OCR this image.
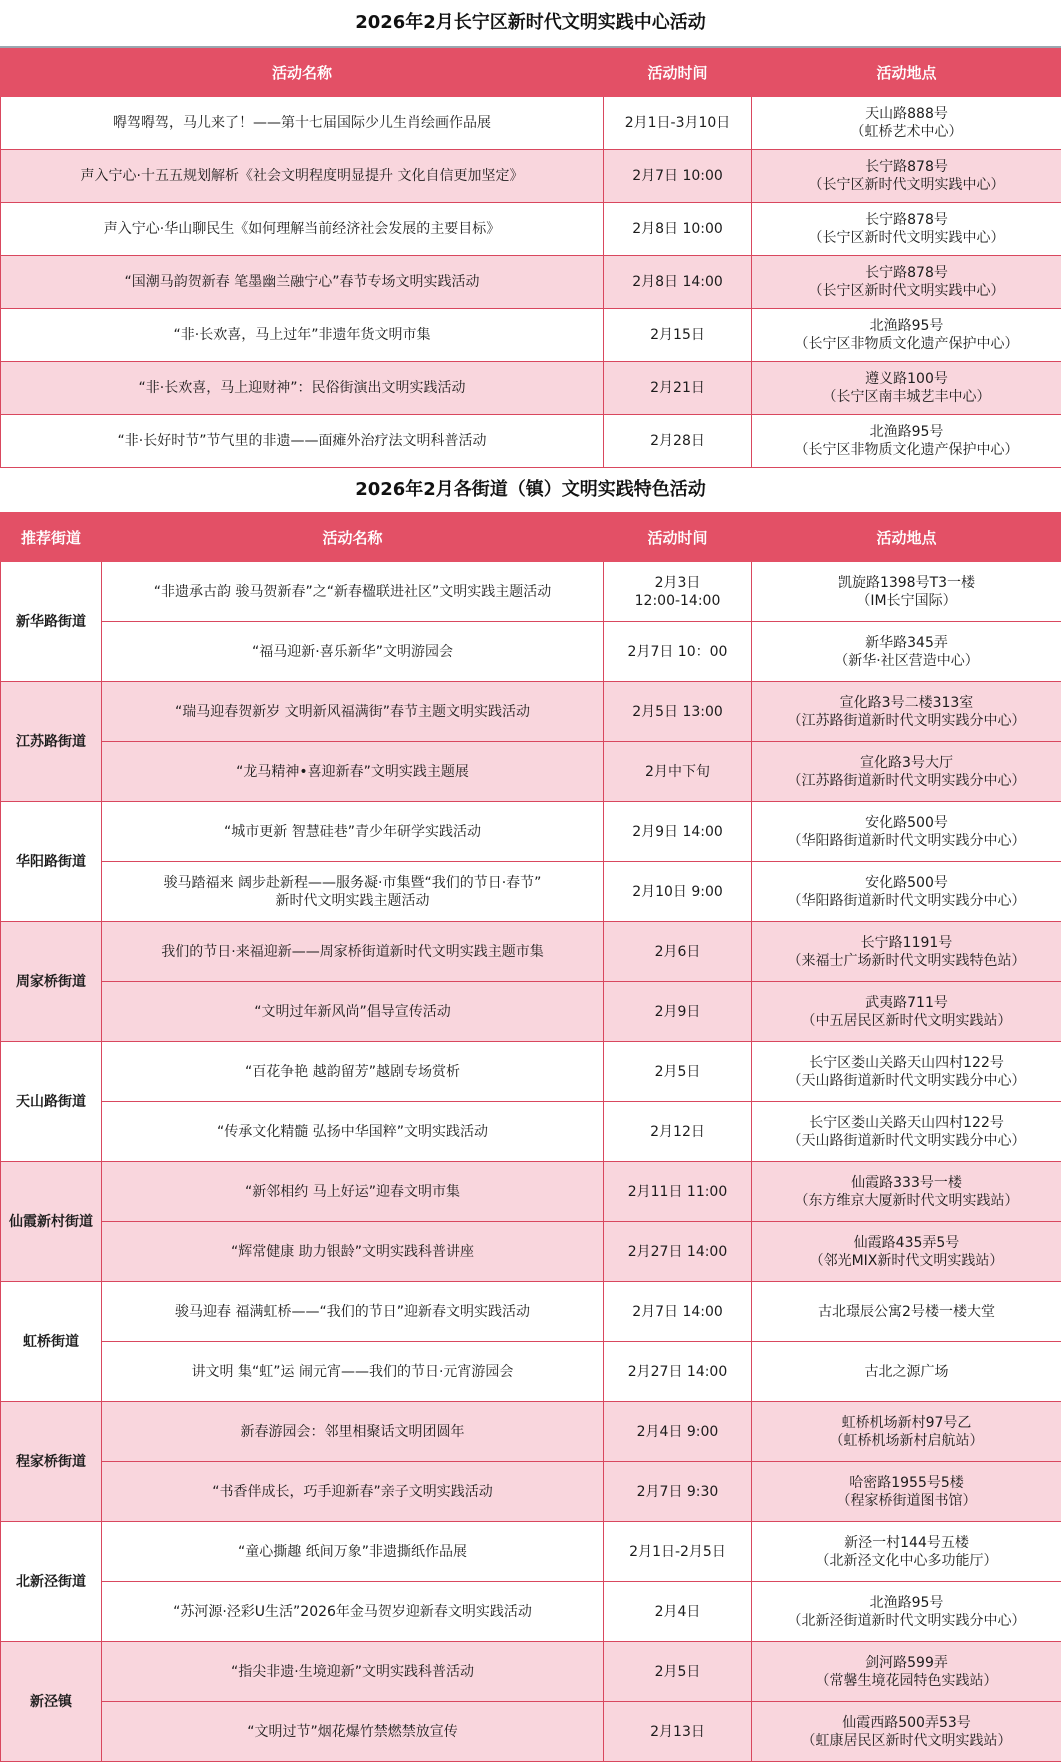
2026年2月长宁区新时代文明实践中心活动
活动名称	活动时间	活动地点
嘚驾嘚驾，马儿来了！——第十七届国际少儿生肖绘画作品展	2月1日-3月10日	天山路888号
（虹桥艺术中心）

声入宁心·十五五规划解析《社会文明程度明显提升 文化自信更加坚定》	2月7日 10:00	长宁路878号
（长宁区新时代文明实践中心）

声入宁心·华山聊民生《如何理解当前经济社会发展的主要目标》	2月8日 10:00	长宁路878号
（长宁区新时代文明实践中心）

“国潮马韵贺新春 笔墨幽兰融宁心”春节专场文明实践活动	2月8日 14:00	长宁路878号
（长宁区新时代文明实践中心）

“非·长欢喜，马上过年”非遗年货文明市集	2月15日	北渔路95号
（长宁区非物质文化遗产保护中心）

“非·长欢喜，马上迎财神”：民俗街演出文明实践活动	2月21日	遵义路100号
（长宁区南丰城艺丰中心）

“非·长好时节”节气里的非遗——面瘫外治疗法文明科普活动	2月28日	北渔路95号
（长宁区非物质文化遗产保护中心）
2026年2月各街道（镇）文明实践特色活动
推荐街道	活动名称	活动时间	活动地点
新华路街道	“非遗承古韵 骏马贺新春”之“新春楹联进社区”文明实践主题活动	2月3日
12:00-14:00	凯旋路1398号T3一楼
（IM长宁国际）

	“福马迎新·喜乐新华”文明游园会	2月7日 10：00	新华路345弄
（新华·社区营造中心）

江苏路街道	“瑞马迎春贺新岁 文明新风福满街”春节主题文明实践活动	2月5日 13:00	宣化路3号二楼313室
（江苏路街道新时代文明实践分中心）

	“龙马精神•喜迎新春”文明实践主题展	2月中下旬	宣化路3号大厅
（江苏路街道新时代文明实践分中心）

华阳路街道	“城市更新 智慧硅巷”青少年研学实践活动	2月9日 14:00	安化路500号
（华阳路街道新时代文明实践分中心）

	骏马踏福来 阔步赴新程——服务凝·市集暨“我们的节日·春节”
新时代文明实践主题活动	2月10日 9:00	安化路500号
（华阳路街道新时代文明实践分中心）

周家桥街道	我们的节日·来福迎新——周家桥街道新时代文明实践主题市集	2月6日	长宁路1191号
（来福士广场新时代文明实践特色站）

	“文明过年新风尚”倡导宣传活动	2月9日	武夷路711号
（中五居民区新时代文明实践站）

天山路街道	“百花争艳 越韵留芳”越剧专场赏析	2月5日	长宁区娄山关路天山四村122号
（天山路街道新时代文明实践分中心）

	“传承文化精髓 弘扬中华国粹”文明实践活动	2月12日	长宁区娄山关路天山四村122号
（天山路街道新时代文明实践分中心）

仙霞新村街道	“新邻相约 马上好运”迎春文明市集	2月11日 11:00	仙霞路333号一楼
（东方维京大厦新时代文明实践站）

	“辉常健康 助力银龄”文明实践科普讲座	2月27日 14:00	仙霞路435弄5号
（邻光MIX新时代文明实践站）

虹桥街道	骏马迎春 福满虹桥——“我们的节日”迎新春文明实践活动	2月7日 14:00	古北璟辰公寓2号楼一楼大堂

	讲文明 集“虹”运 闹元宵——我们的节日·元宵游园会	2月27日 14:00	古北之源广场

程家桥街道	新春游园会：邻里相聚话文明团圆年	2月4日 9:00	虹桥机场新村97号乙
（虹桥机场新村启航站）

	“书香伴成长，巧手迎新春”亲子文明实践活动	2月7日 9:30	哈密路1955号5楼
（程家桥街道图书馆）

北新泾街道	“童心撕趣 纸间万象”非遗撕纸作品展	2月1日-2月5日	新泾一村144号五楼
（北新泾文化中心多功能厅）

	“苏河源·泾彩U生活”2026年金马贺岁迎新春文明实践活动	2月4日	北渔路95号
（北新泾街道新时代文明实践分中心）

新泾镇	“指尖非遗·生境迎新”文明实践科普活动	2月5日	剑河路599弄
（常馨生境花园特色实践站）

	“文明过节”烟花爆竹禁燃禁放宣传	2月13日	仙霞西路500弄53号
（虹康居民区新时代文明实践站）
